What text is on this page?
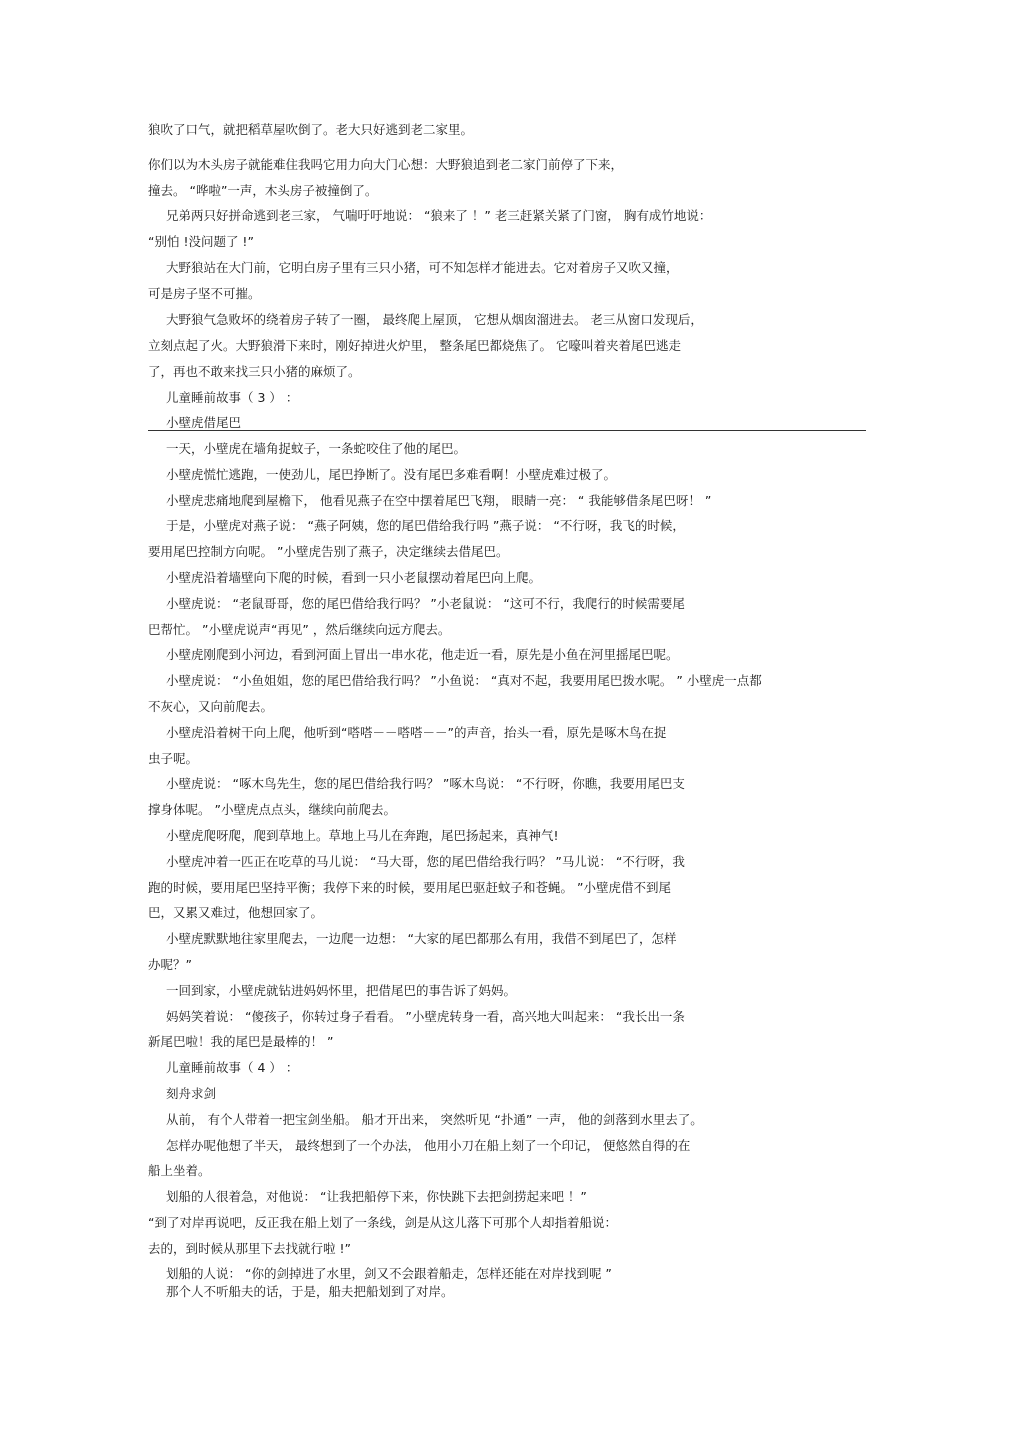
狼吹了口气，就把稻草屋吹倒了。老大只好逃到老二家里。
你们以为木头房子就能难住我吗它用力向大门心想：大野狼追到老二家门前停了下来，
撞去。 “哗啦”一声，木头房子被撞倒了。
兄弟两只好拼命逃到老三家， 气喘吁吁地说： “狼来了 ！” 老三赶紧关紧了门窗， 胸有成竹地说：
“别怕 !没问题了 !”
大野狼站在大门前，它明白房子里有三只小猪，可不知怎样才能进去。它对着房子又吹又撞，
可是房子坚不可摧。
大野狼气急败坏的绕着房子转了一圈， 最终爬上屋顶， 它想从烟囱溜进去。 老三从窗口发现后，
立刻点起了火。大野狼滑下来时，刚好掉进火炉里， 整条尾巴都烧焦了。 它嚎叫着夹着尾巴逃走
了，再也不敢来找三只小猪的麻烦了。
儿童睡前故事（ 3 ） ：
小壁虎借尾巴
一天，小壁虎在墙角捉蚊子，一条蛇咬住了他的尾巴。
小壁虎慌忙逃跑，一使劲儿，尾巴挣断了。没有尾巴多难看啊！小壁虎难过极了。
小壁虎悲痛地爬到屋檐下， 他看见燕子在空中摆着尾巴飞翔， 眼睛一亮： “ 我能够借条尾巴呀！ ”
于是，小壁虎对燕子说： “燕子阿姨，您的尾巴借给我行吗 ”燕子说： “不行呀，我飞的时候，
要用尾巴控制方向呢。 ”小壁虎告别了燕子，决定继续去借尾巴。
小壁虎沿着墙壁向下爬的时候，看到一只小老鼠摆动着尾巴向上爬。
小壁虎说： “老鼠哥哥，您的尾巴借给我行吗？ ”小老鼠说： “这可不行，我爬行的时候需要尾
巴帮忙。 ”小壁虎说声“再见” ，然后继续向远方爬去。
小壁虎刚爬到小河边，看到河面上冒出一串水花，他走近一看，原先是小鱼在河里摇尾巴呢。
小壁虎说： “小鱼姐姐，您的尾巴借给我行吗？ ”小鱼说： “真对不起，我要用尾巴拨水呢。 ” 小壁虎一点都
不灰心，又向前爬去。
小壁虎沿着树干向上爬，他听到“嗒嗒－－嗒嗒－－”的声音，抬头一看，原先是啄木鸟在捉
虫子呢。
小壁虎说： “啄木鸟先生，您的尾巴借给我行吗？ ”啄木鸟说： “不行呀，你瞧，我要用尾巴支
撑身体呢。 ”小壁虎点点头，继续向前爬去。
小壁虎爬呀爬，爬到草地上。草地上马儿在奔跑，尾巴扬起来，真神气!
小壁虎冲着一匹正在吃草的马儿说： “马大哥，您的尾巴借给我行吗？ ”马儿说： “不行呀，我
跑的时候，要用尾巴坚持平衡；我停下来的时候，要用尾巴驱赶蚊子和苍蝇。 ”小壁虎借不到尾
巴，又累又难过，他想回家了。
小壁虎默默地往家里爬去，一边爬一边想： “大家的尾巴都那么有用，我借不到尾巴了，怎样
办呢？”
一回到家，小壁虎就钻进妈妈怀里，把借尾巴的事告诉了妈妈。
妈妈笑着说： “傻孩子，你转过身子看看。 ”小壁虎转身一看，高兴地大叫起来： “我长出一条
新尾巴啦！我的尾巴是最棒的！ ”
儿童睡前故事（ 4 ） ：
刻舟求剑
从前， 有个人带着一把宝剑坐船。 船才开出来， 突然听见 “扑通” 一声， 他的剑落到水里去了。
怎样办呢他想了半天， 最终想到了一个办法， 他用小刀在船上刻了一个印记， 便悠然自得的在
船上坐着。
划船的人很着急，对他说： “让我把船停下来，你快跳下去把剑捞起来吧 ！”
“到了对岸再说吧，反正我在船上划了一条线，剑是从这儿落下可那个人却指着船说：
去的，到时候从那里下去找就行啦 !”
划船的人说： “你的剑掉进了水里，剑又不会跟着船走，怎样还能在对岸找到呢 ”
那个人不听船夫的话，于是，船夫把船划到了对岸。
